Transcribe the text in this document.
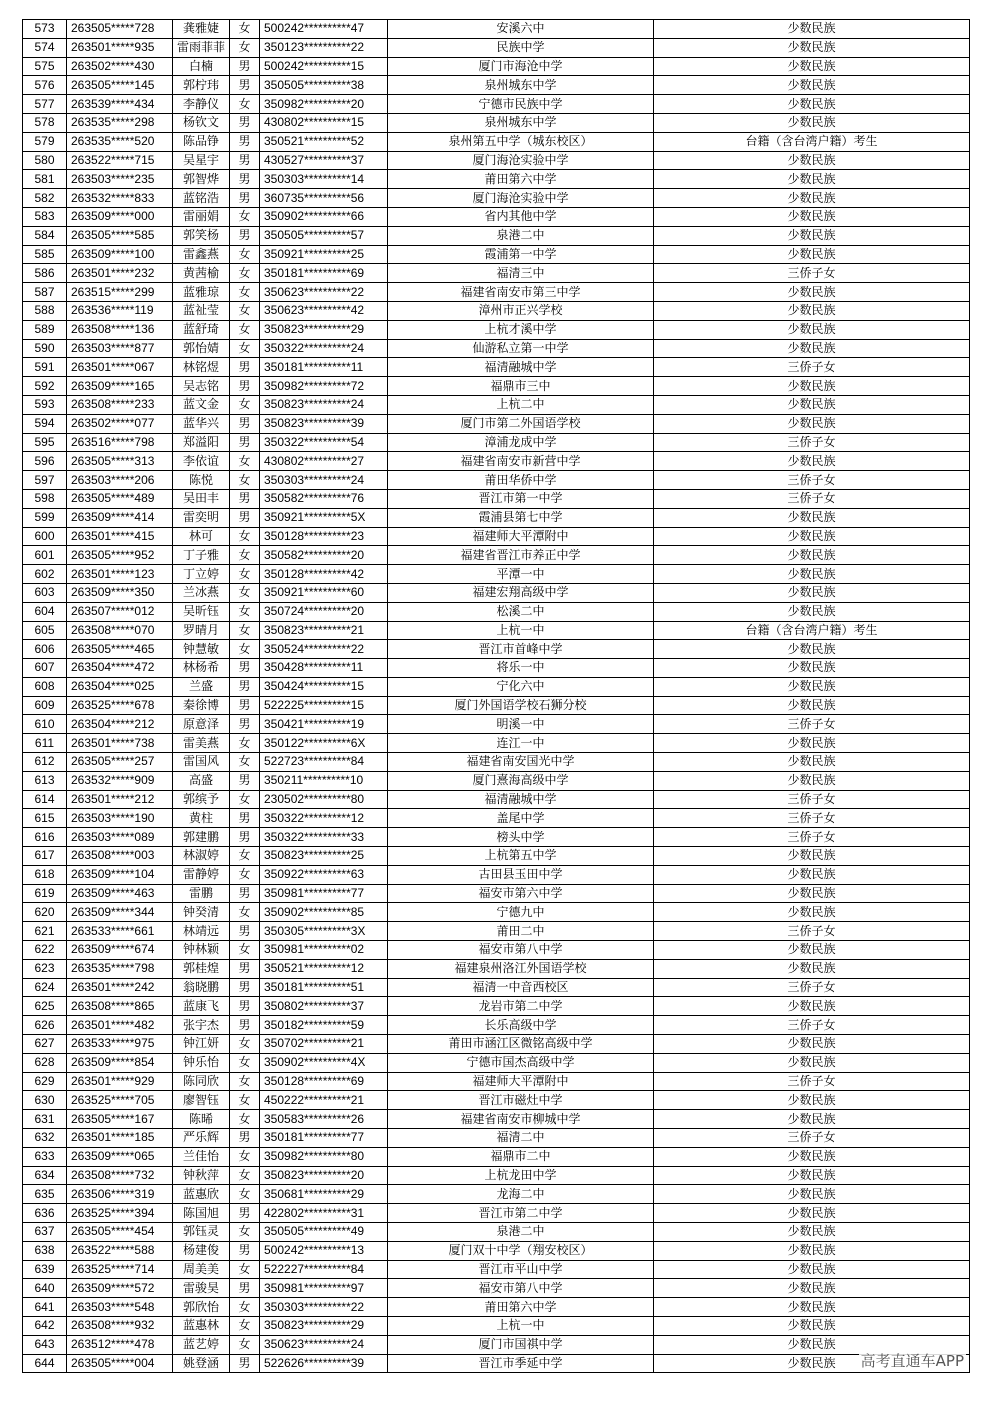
573	263505*****728	龚雅婕	女	500242**********47	安溪六中	少数民族
574	263501*****935	雷雨菲菲	女	350123**********22	民族中学	少数民族
575	263502*****430	白楠	男	500242**********15	厦门市海沧中学	少数民族
576	263505*****145	郭柠玮	男	350505**********38	泉州城东中学	少数民族
577	263539*****434	李静仪	女	350982**********20	宁德市民族中学	少数民族
578	263535*****298	杨钦文	男	430802**********15	泉州城东中学	少数民族
579	263535*****520	陈品铮	男	350521**********52	泉州第五中学（城东校区）	台籍（含台湾户籍）考生
580	263522*****715	吴星宇	男	430527**********37	厦门海沧实验中学	少数民族
581	263503*****235	郭智烨	男	350303**********14	莆田第六中学	少数民族
582	263532*****833	蓝铭浩	男	360735**********56	厦门海沧实验中学	少数民族
583	263509*****000	雷丽娟	女	350902**********66	省内其他中学	少数民族
584	263505*****585	郭笑杨	男	350505**********57	泉港二中	少数民族
585	263509*****100	雷鑫燕	女	350921**********25	霞浦第一中学	少数民族
586	263501*****232	黄茜榆	女	350181**********69	福清三中	三侨子女
587	263515*****299	蓝雅琼	女	350623**********22	福建省南安市第三中学	少数民族
588	263536*****119	蓝祉莹	女	350623**********42	漳州市正兴学校	少数民族
589	263508*****136	蓝舒琦	女	350823**********29	上杭才溪中学	少数民族
590	263503*****877	郭怡婧	女	350322**********24	仙游私立第一中学	少数民族
591	263501*****067	林铭煜	男	350181**********11	福清融城中学	三侨子女
592	263509*****165	吴志铭	男	350982**********72	福鼎市三中	少数民族
593	263508*****233	蓝文金	女	350823**********24	上杭二中	少数民族
594	263502*****077	蓝华兴	男	350823**********39	厦门市第二外国语学校	少数民族
595	263516*****798	郑溢阳	男	350322**********54	漳浦龙成中学	三侨子女
596	263505*****313	李依谊	女	430802**********27	福建省南安市新营中学	少数民族
597	263503*****206	陈悦	女	350303**********24	莆田华侨中学	三侨子女
598	263505*****489	吴田丰	男	350582**********76	晋江市第一中学	三侨子女
599	263509*****414	雷奕明	男	350921**********5X	霞浦县第七中学	少数民族
600	263501*****415	林可	女	350128**********23	福建师大平潭附中	少数民族
601	263505*****952	丁子雅	女	350582**********20	福建省晋江市养正中学	少数民族
602	263501*****123	丁立婷	女	350128**********42	平潭一中	少数民族
603	263509*****350	兰冰燕	女	350921**********60	福建宏翔高级中学	少数民族
604	263507*****012	吴昕钰	女	350724**********20	松溪二中	少数民族
605	263508*****070	罗晴月	女	350823**********21	上杭一中	台籍（含台湾户籍）考生
606	263505*****465	钟慧敏	女	350524**********22	晋江市首峰中学	少数民族
607	263504*****472	林杨希	男	350428**********11	将乐一中	少数民族
608	263504*****025	兰盛	男	350424**********15	宁化六中	少数民族
609	263525*****678	秦徐博	男	522225**********15	厦门外国语学校石狮分校	少数民族
610	263504*****212	原意泽	男	350421**********19	明溪一中	三侨子女
611	263501*****738	雷美燕	女	350122**********6X	连江一中	少数民族
612	263505*****257	雷国风	女	522723**********84	福建省南安国光中学	少数民族
613	263532*****909	高盛	男	350211**********10	厦门熹海高级中学	少数民族
614	263501*****212	郭缤予	女	230502**********80	福清融城中学	三侨子女
615	263503*****190	黄柱	男	350322**********12	盖尾中学	三侨子女
616	263503*****089	郭建鹏	男	350322**********33	榜头中学	三侨子女
617	263508*****003	林淑婷	女	350823**********25	上杭第五中学	少数民族
618	263509*****104	雷静婷	女	350922**********63	古田县玉田中学	少数民族
619	263509*****463	雷鹏	男	350981**********77	福安市第六中学	少数民族
620	263509*****344	钟癸清	女	350902**********85	宁德九中	少数民族
621	263533*****661	林靖远	男	350305**********3X	莆田二中	三侨子女
622	263509*****674	钟林颖	女	350981**********02	福安市第八中学	少数民族
623	263535*****798	郭桂煌	男	350521**********12	福建泉州洛江外国语学校	少数民族
624	263501*****242	翁晓鹏	男	350181**********51	福清一中音西校区	三侨子女
625	263508*****865	蓝康飞	男	350802**********37	龙岩市第二中学	少数民族
626	263501*****482	张宇杰	男	350182**********59	长乐高级中学	三侨子女
627	263533*****975	钟江妍	女	350702**********21	莆田市涵江区微铭高级中学	少数民族
628	263509*****854	钟乐怡	女	350902**********4X	宁德市国杰高级中学	少数民族
629	263501*****929	陈同欣	女	350128**********69	福建师大平潭附中	三侨子女
630	263525*****705	廖智钰	女	450222**********21	晋江市磁灶中学	少数民族
631	263505*****167	陈晞	女	350583**********26	福建省南安市柳城中学	少数民族
632	263501*****185	严乐辉	男	350181**********77	福清二中	三侨子女
633	263509*****065	兰佳怡	女	350982**********80	福鼎市二中	少数民族
634	263508*****732	钟秋萍	女	350823**********20	上杭龙田中学	少数民族
635	263506*****319	蓝惠欣	女	350681**********29	龙海二中	少数民族
636	263525*****394	陈国旭	男	422802**********31	晋江市第二中学	少数民族
637	263505*****454	郭钰灵	女	350505**********49	泉港二中	少数民族
638	263522*****588	杨建俊	男	500242**********13	厦门双十中学（翔安校区）	少数民族
639	263525*****714	周美美	女	522227**********84	晋江市平山中学	少数民族
640	263509*****572	雷骏昊	男	350981**********97	福安市第八中学	少数民族
641	263503*****548	郭欣怡	女	350303**********22	莆田第六中学	少数民族
642	263508*****932	蓝惠林	女	350823**********29	上杭一中	少数民族
643	263512*****478	蓝艺婷	女	350623**********24	厦门市国祺中学	少数民族
644	263505*****004	姚登涵	男	522626**********39	晋江市季延中学	少数民族 高考直通车APP
